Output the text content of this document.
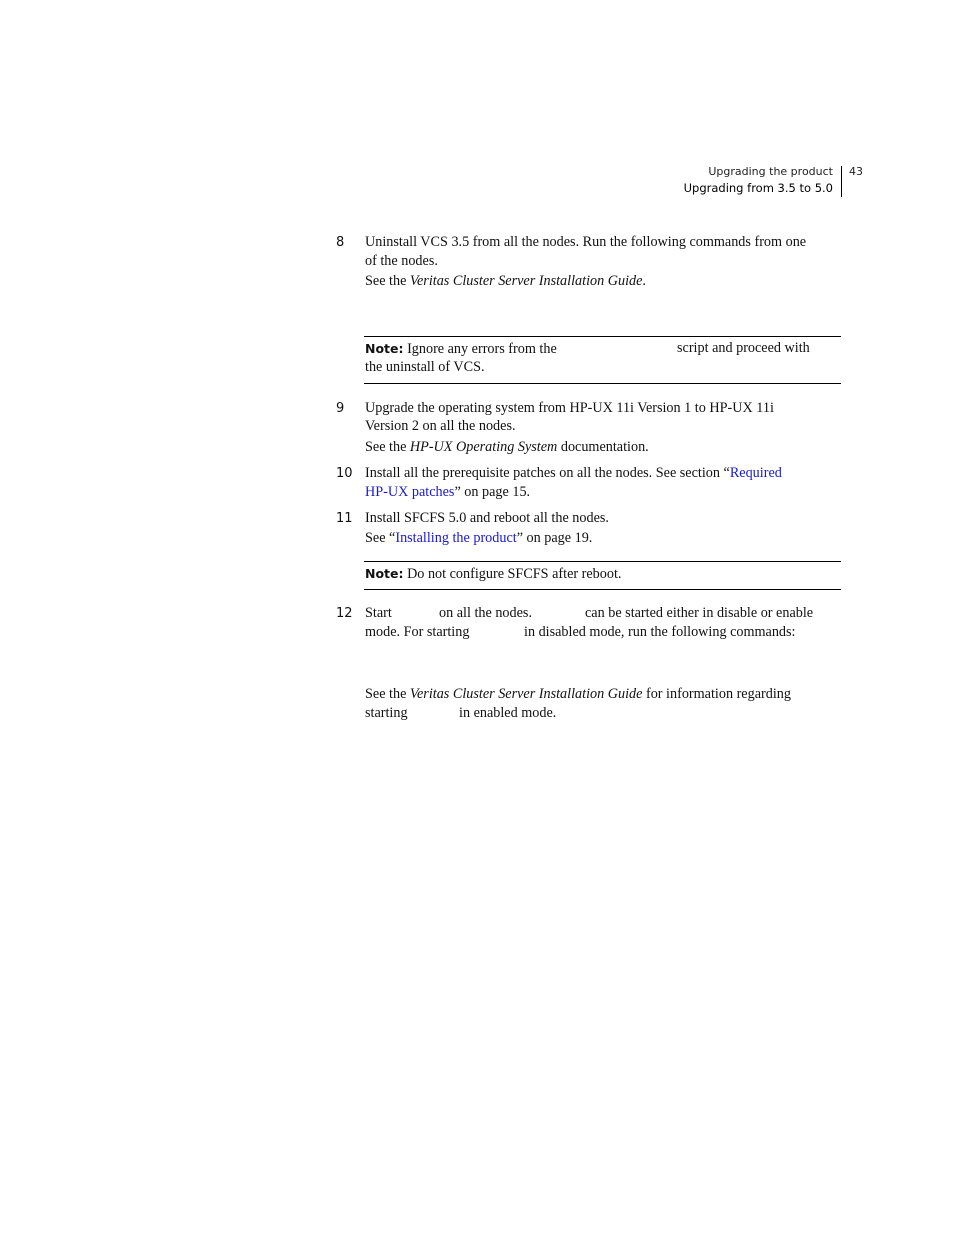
Upgrading the product
Upgrading from 3.5 to 5.0
43
8 Uninstall VCS 3.5 from all the nodes. Run the following commands from one
of the nodes.
See the Veritas Cluster Server Installation Guide.
Note: Ignore any errors from the	script and proceed with
the uninstall of VCS.
9 Upgrade the operating system from HP-UX 11i Version 1 to HP-UX 11i
Version 2 on all the nodes.
See the HP-UX Operating System documentation.
10 Install all the prerequisite patches on all the nodes. See section “Required
HP-UX patches” on page 15.
11 Install SFCFS 5.0 and reboot all the nodes.
See “Installing the product” on page 19.
Note: Do not configure SFCFS after reboot.
12 Start	on all the nodes.	can be started either in disable or enable
mode. For starting	in disabled mode, run the following commands:
See the Veritas Cluster Server Installation Guide for information regarding
starting	in enabled mode.
